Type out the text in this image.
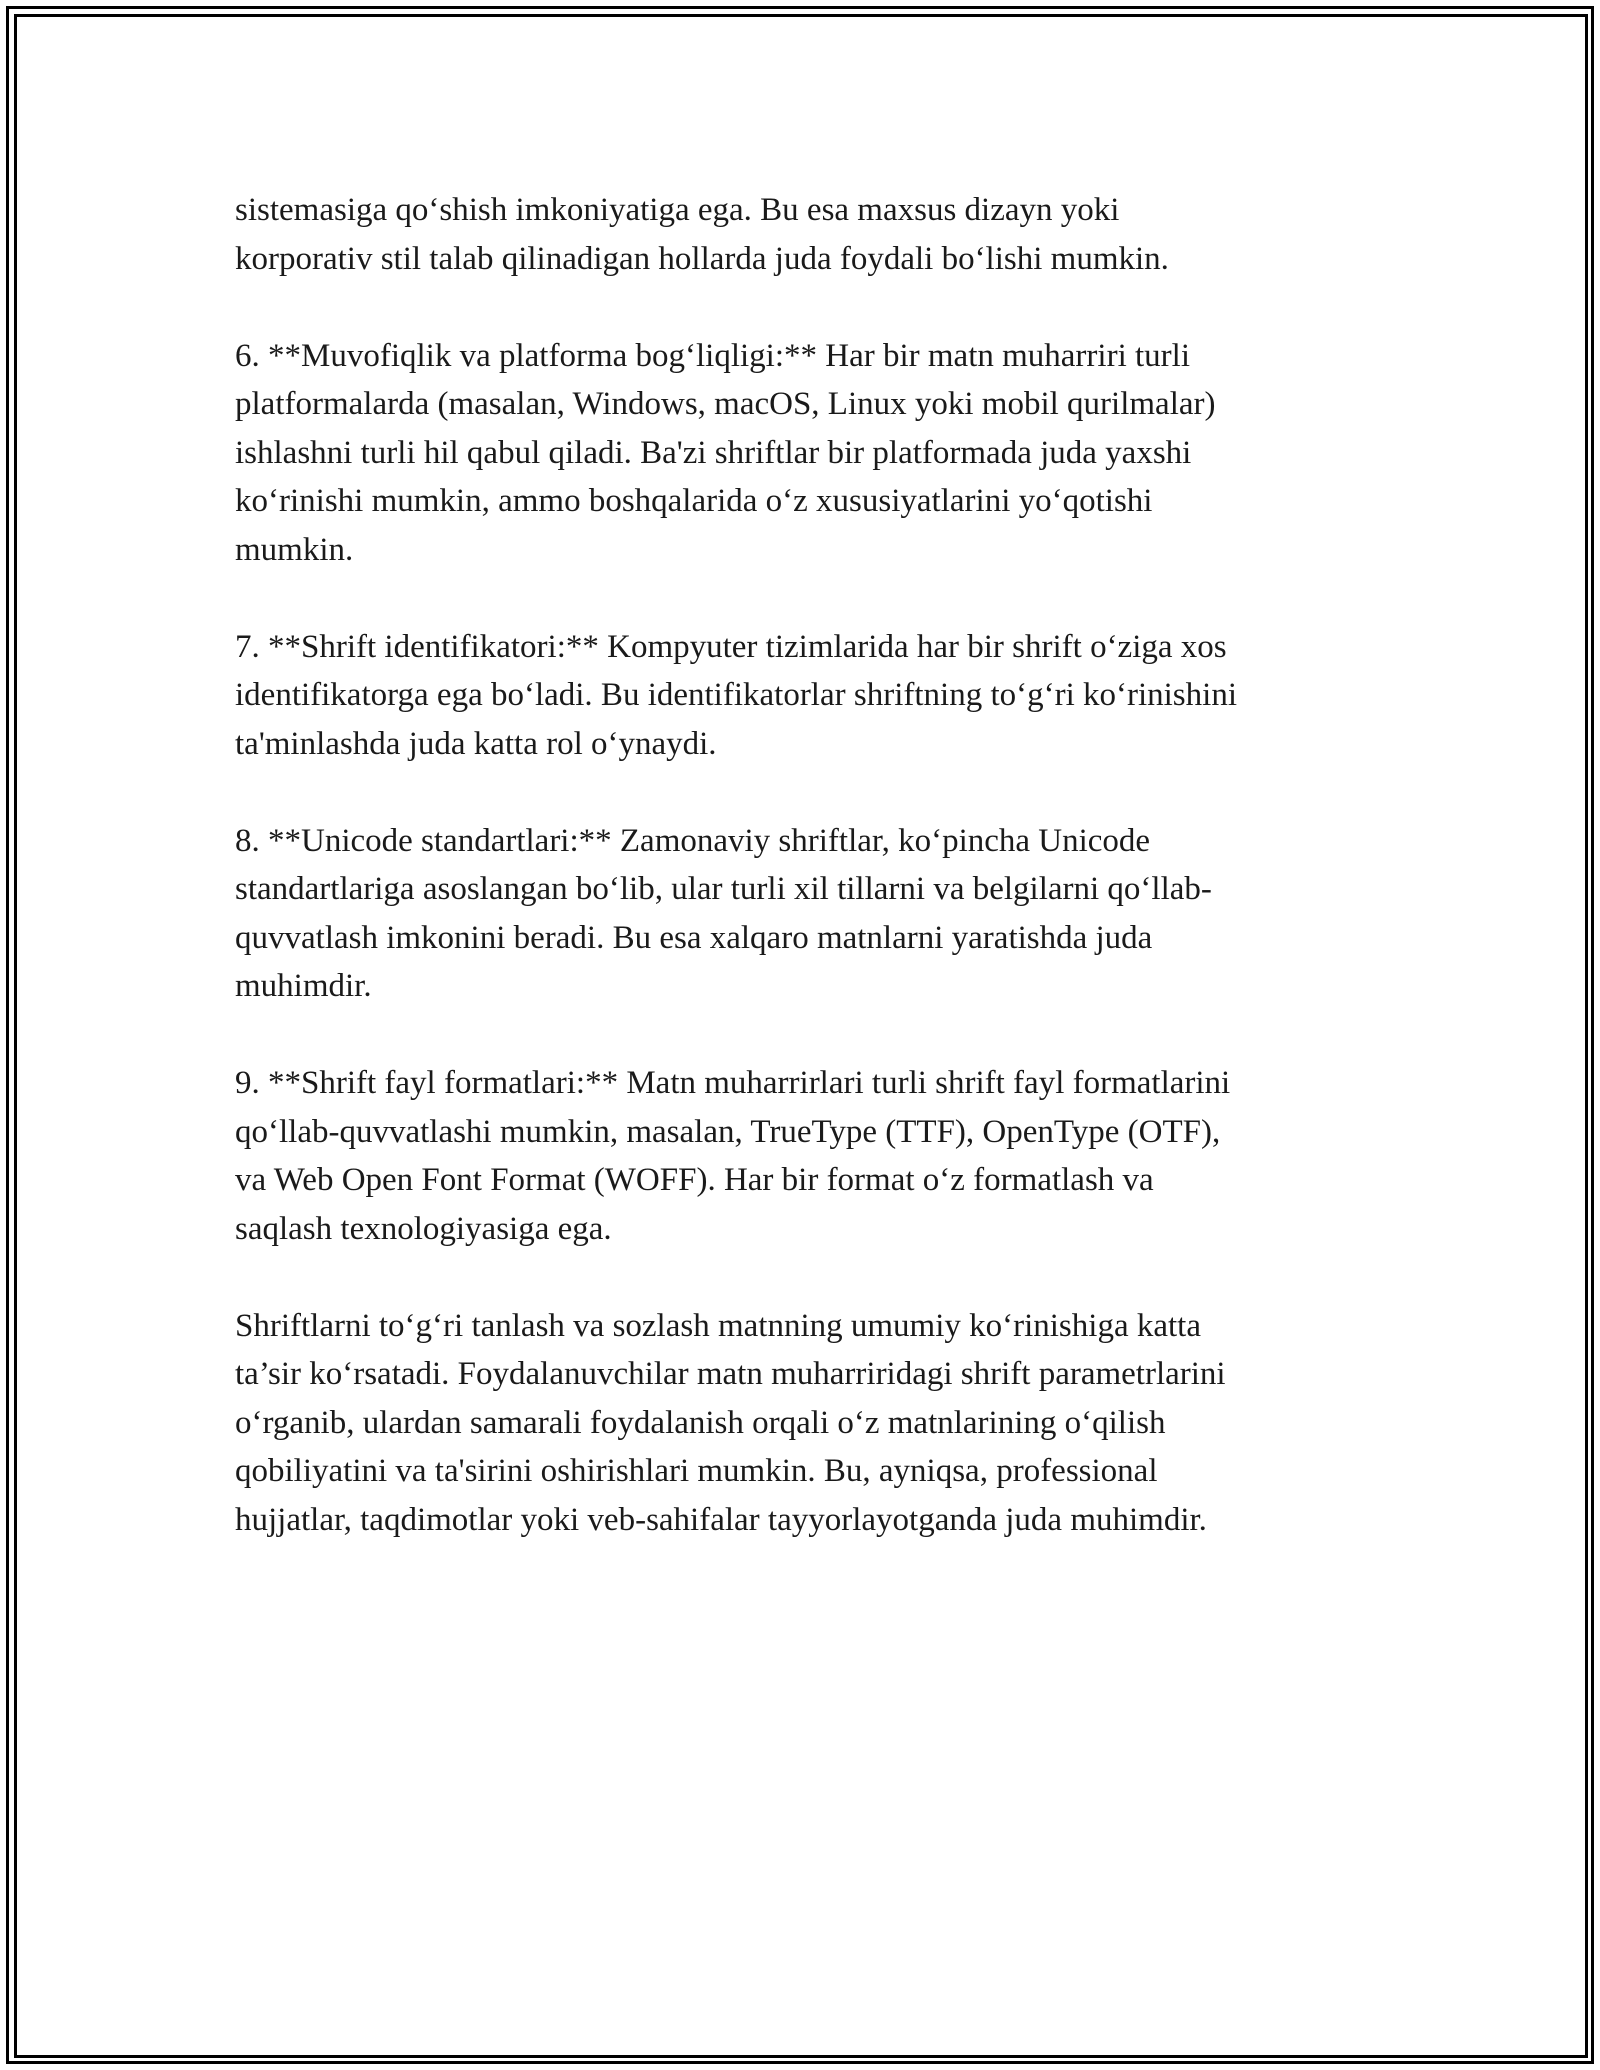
sistemasiga qo‘shish imkoniyatiga ega. Bu esa maxsus dizayn yoki
korporativ stil talab qilinadigan hollarda juda foydali bo‘lishi mumkin.

6. **Muvofiqlik va platforma bog‘liqligi:** Har bir matn muharriri turli
platformalarda (masalan, Windows, macOS, Linux yoki mobil qurilmalar)
ishlashni turli hil qabul qiladi. Ba'zi shriftlar bir platformada juda yaxshi
ko‘rinishi mumkin, ammo boshqalarida o‘z xususiyatlarini yo‘qotishi
mumkin.

7. **Shrift identifikatori:** Kompyuter tizimlarida har bir shrift o‘ziga xos
identifikatorga ega bo‘ladi. Bu identifikatorlar shriftning to‘g‘ri ko‘rinishini
ta'minlashda juda katta rol o‘ynaydi.

8. **Unicode standartlari:** Zamonaviy shriftlar, ko‘pincha Unicode
standartlariga asoslangan bo‘lib, ular turli xil tillarni va belgilarni qo‘llab-
quvvatlash imkonini beradi. Bu esa xalqaro matnlarni yaratishda juda
muhimdir.

9. **Shrift fayl formatlari:** Matn muharrirlari turli shrift fayl formatlarini
qo‘llab-quvvatlashi mumkin, masalan, TrueType (TTF), OpenType (OTF),
va Web Open Font Format (WOFF). Har bir format o‘z formatlash va
saqlash texnologiyasiga ega.

Shriftlarni to‘g‘ri tanlash va sozlash matnning umumiy ko‘rinishiga katta
ta’sir ko‘rsatadi. Foydalanuvchilar matn muharriridagi shrift parametrlarini
o‘rganib, ulardan samarali foydalanish orqali o‘z matnlarining o‘qilish
qobiliyatini va ta'sirini oshirishlari mumkin. Bu, ayniqsa, professional
hujjatlar, taqdimotlar yoki veb-sahifalar tayyorlayotganda juda muhimdir.
